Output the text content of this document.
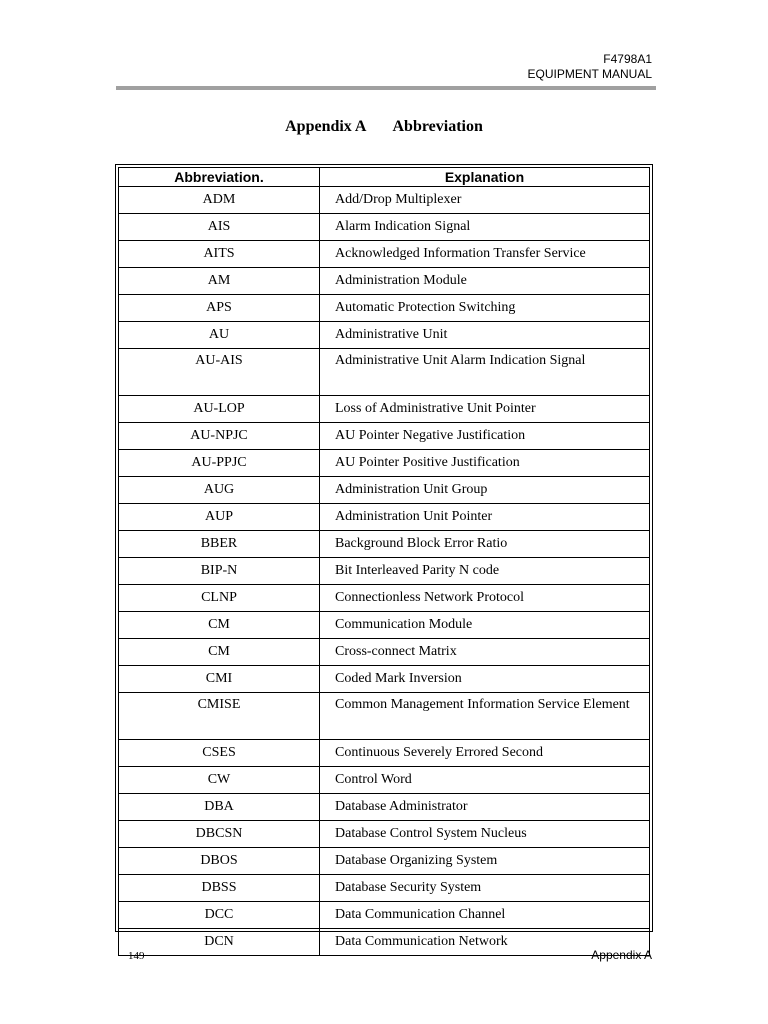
F4798A1
EQUIPMENT MANUAL
Appendix A Abbreviation
Abbreviation.	Explanation
ADM	Add/Drop Multiplexer
AIS	Alarm Indication Signal
AITS	Acknowledged Information Transfer Service
AM	Administration Module
APS	Automatic Protection Switching
AU	Administrative Unit
AU-AIS	Administrative Unit Alarm Indication Signal
AU-LOP	Loss of Administrative Unit Pointer
AU-NPJC	AU Pointer Negative Justification
AU-PPJC	AU Pointer Positive Justification
AUG	Administration Unit Group
AUP	Administration Unit Pointer
BBER	Background Block Error Ratio
BIP-N	Bit Interleaved Parity N code
CLNP	Connectionless Network Protocol
CM	Communication Module
CM	Cross-connect Matrix
CMI	Coded Mark Inversion
CMISE	Common Management Information Service Element
CSES	Continuous Severely Errored Second
CW	Control Word
DBA	Database Administrator
DBCSN	Database Control System Nucleus
DBOS	Database Organizing System
DBSS	Database Security System
DCC	Data Communication Channel
DCN	Data Communication Network
149	Appendix A
